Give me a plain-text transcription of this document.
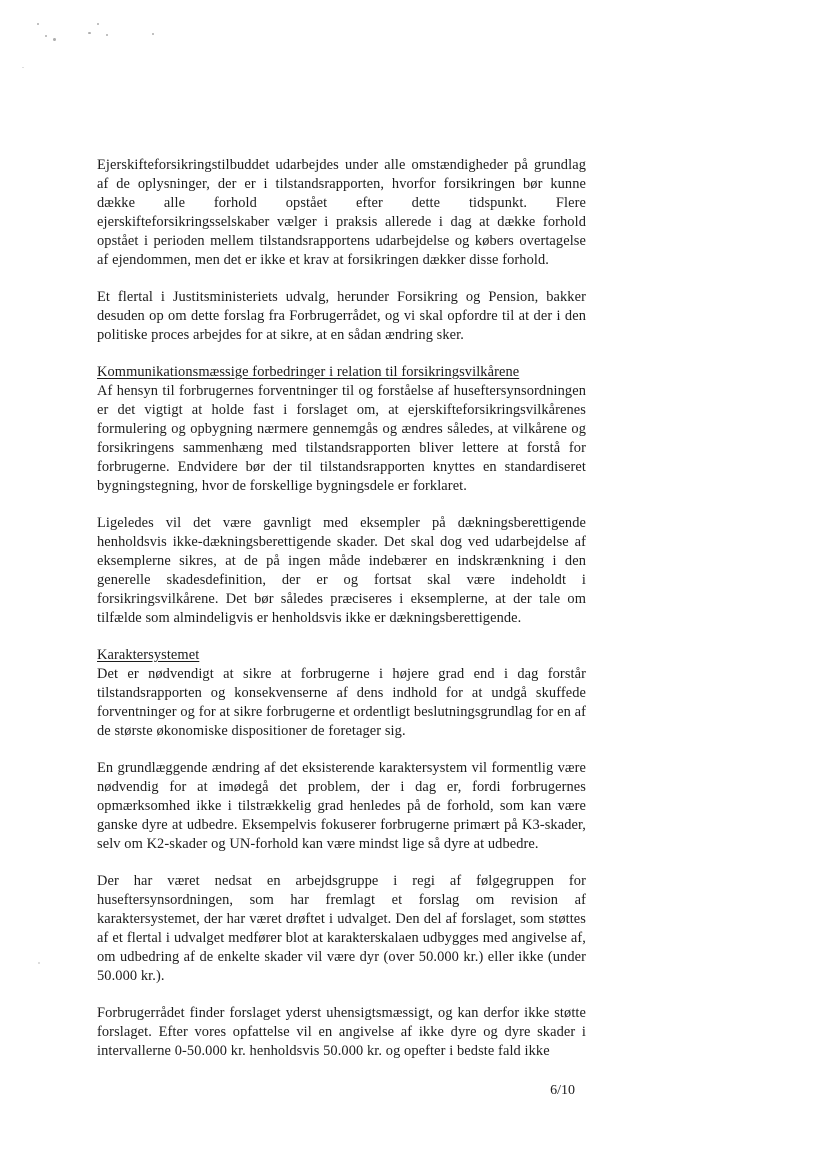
Ejerskifteforsikringstilbuddet udarbejdes under alle omstændigheder på grundlag af de oplysninger, der er i tilstandsrapporten, hvorfor forsikringen bør kunne dække alle forhold opstået efter dette tidspunkt. Flere ejerskifteforsikringsselskaber vælger i praksis allerede i dag at dække forhold opstået i perioden mellem tilstandsrapportens udarbejdelse og købers overtagelse af ejendommen, men det er ikke et krav at forsikringen dækker disse forhold.

Et flertal i Justitsministeriets udvalg, herunder Forsikring og Pension, bakker desuden op om dette forslag fra Forbrugerrådet, og vi skal opfordre til at der i den politiske proces arbejdes for at sikre, at en sådan ændring sker.

Kommunikationsmæssige forbedringer i relation til forsikringsvilkårene

Af hensyn til forbrugernes forventninger til og forståelse af huseftersynsordningen er det vigtigt at holde fast i forslaget om, at ejerskifteforsikringsvilkårenes formulering og opbygning nærmere gennemgås og ændres således, at vilkårene og forsikringens sammenhæng med tilstandsrapporten bliver lettere at forstå for forbrugerne. Endvidere bør der til tilstandsrapporten knyttes en standardiseret bygningstegning, hvor de forskellige bygningsdele er forklaret.

Ligeledes vil det være gavnligt med eksempler på dækningsberettigende henholdsvis ikke-dækningsberettigende skader. Det skal dog ved udarbejdelse af eksemplerne sikres, at de på ingen måde indebærer en indskrænkning i den generelle skadesdefinition, der er og fortsat skal være indeholdt i forsikringsvilkårene. Det bør således præciseres i eksemplerne, at der tale om tilfælde som almindeligvis er henholdsvis ikke er dækningsberettigende.

Karaktersystemet

Det er nødvendigt at sikre at forbrugerne i højere grad end i dag forstår tilstandsrapporten og konsekvenserne af dens indhold for at undgå skuffede forventninger og for at sikre forbrugerne et ordentligt beslutningsgrundlag for en af de største økonomiske dispositioner de foretager sig.

En grundlæggende ændring af det eksisterende karaktersystem vil formentlig være nødvendig for at imødegå det problem, der i dag er, fordi forbrugernes opmærksomhed ikke i tilstrækkelig grad henledes på de forhold, som kan være ganske dyre at udbedre. Eksempelvis fokuserer forbrugerne primært på K3-skader, selv om K2-skader og UN-forhold kan være mindst lige så dyre at udbedre.

Der har været nedsat en arbejdsgruppe i regi af følgegruppen for huseftersynsordningen, som har fremlagt et forslag om revision af karaktersystemet, der har været drøftet i udvalget. Den del af forslaget, som støttes af et flertal i udvalget medfører blot at karakterskalaen udbygges med angivelse af, om udbedring af de enkelte skader vil være dyr (over 50.000 kr.) eller ikke (under 50.000 kr.).

Forbrugerrådet finder forslaget yderst uhensigtsmæssigt, og kan derfor ikke støtte forslaget. Efter vores opfattelse vil en angivelse af ikke dyre og dyre skader i intervallerne 0-50.000 kr. henholdsvis 50.000 kr. og opefter i bedste fald ikke

6/10
